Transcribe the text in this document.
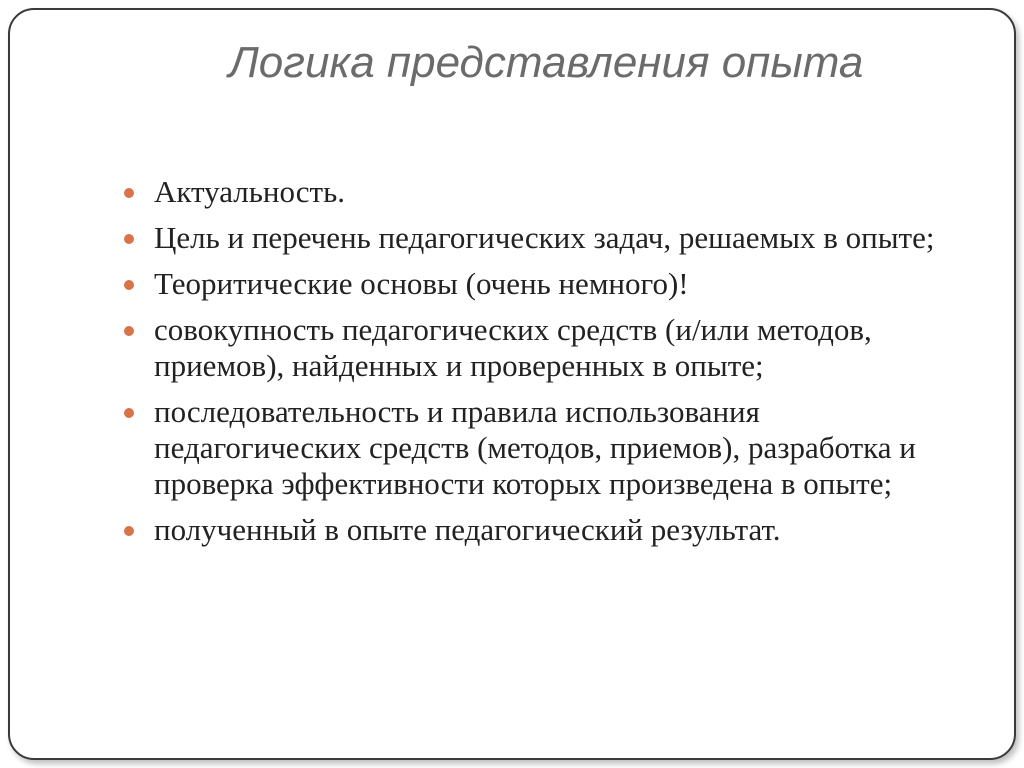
Логика представления опыта
Актуальность.
Цель и перечень педагогических задач, решаемых в опыте;
Теоритические основы (очень немного)!
совокупность педагогических средств (и/или методов, приемов), найденных и проверенных в опыте;
последовательность и правила использования педагогических средств (методов, приемов), разработка и проверка эффективности которых произведена в опыте;
полученный в опыте педагогический результат.
